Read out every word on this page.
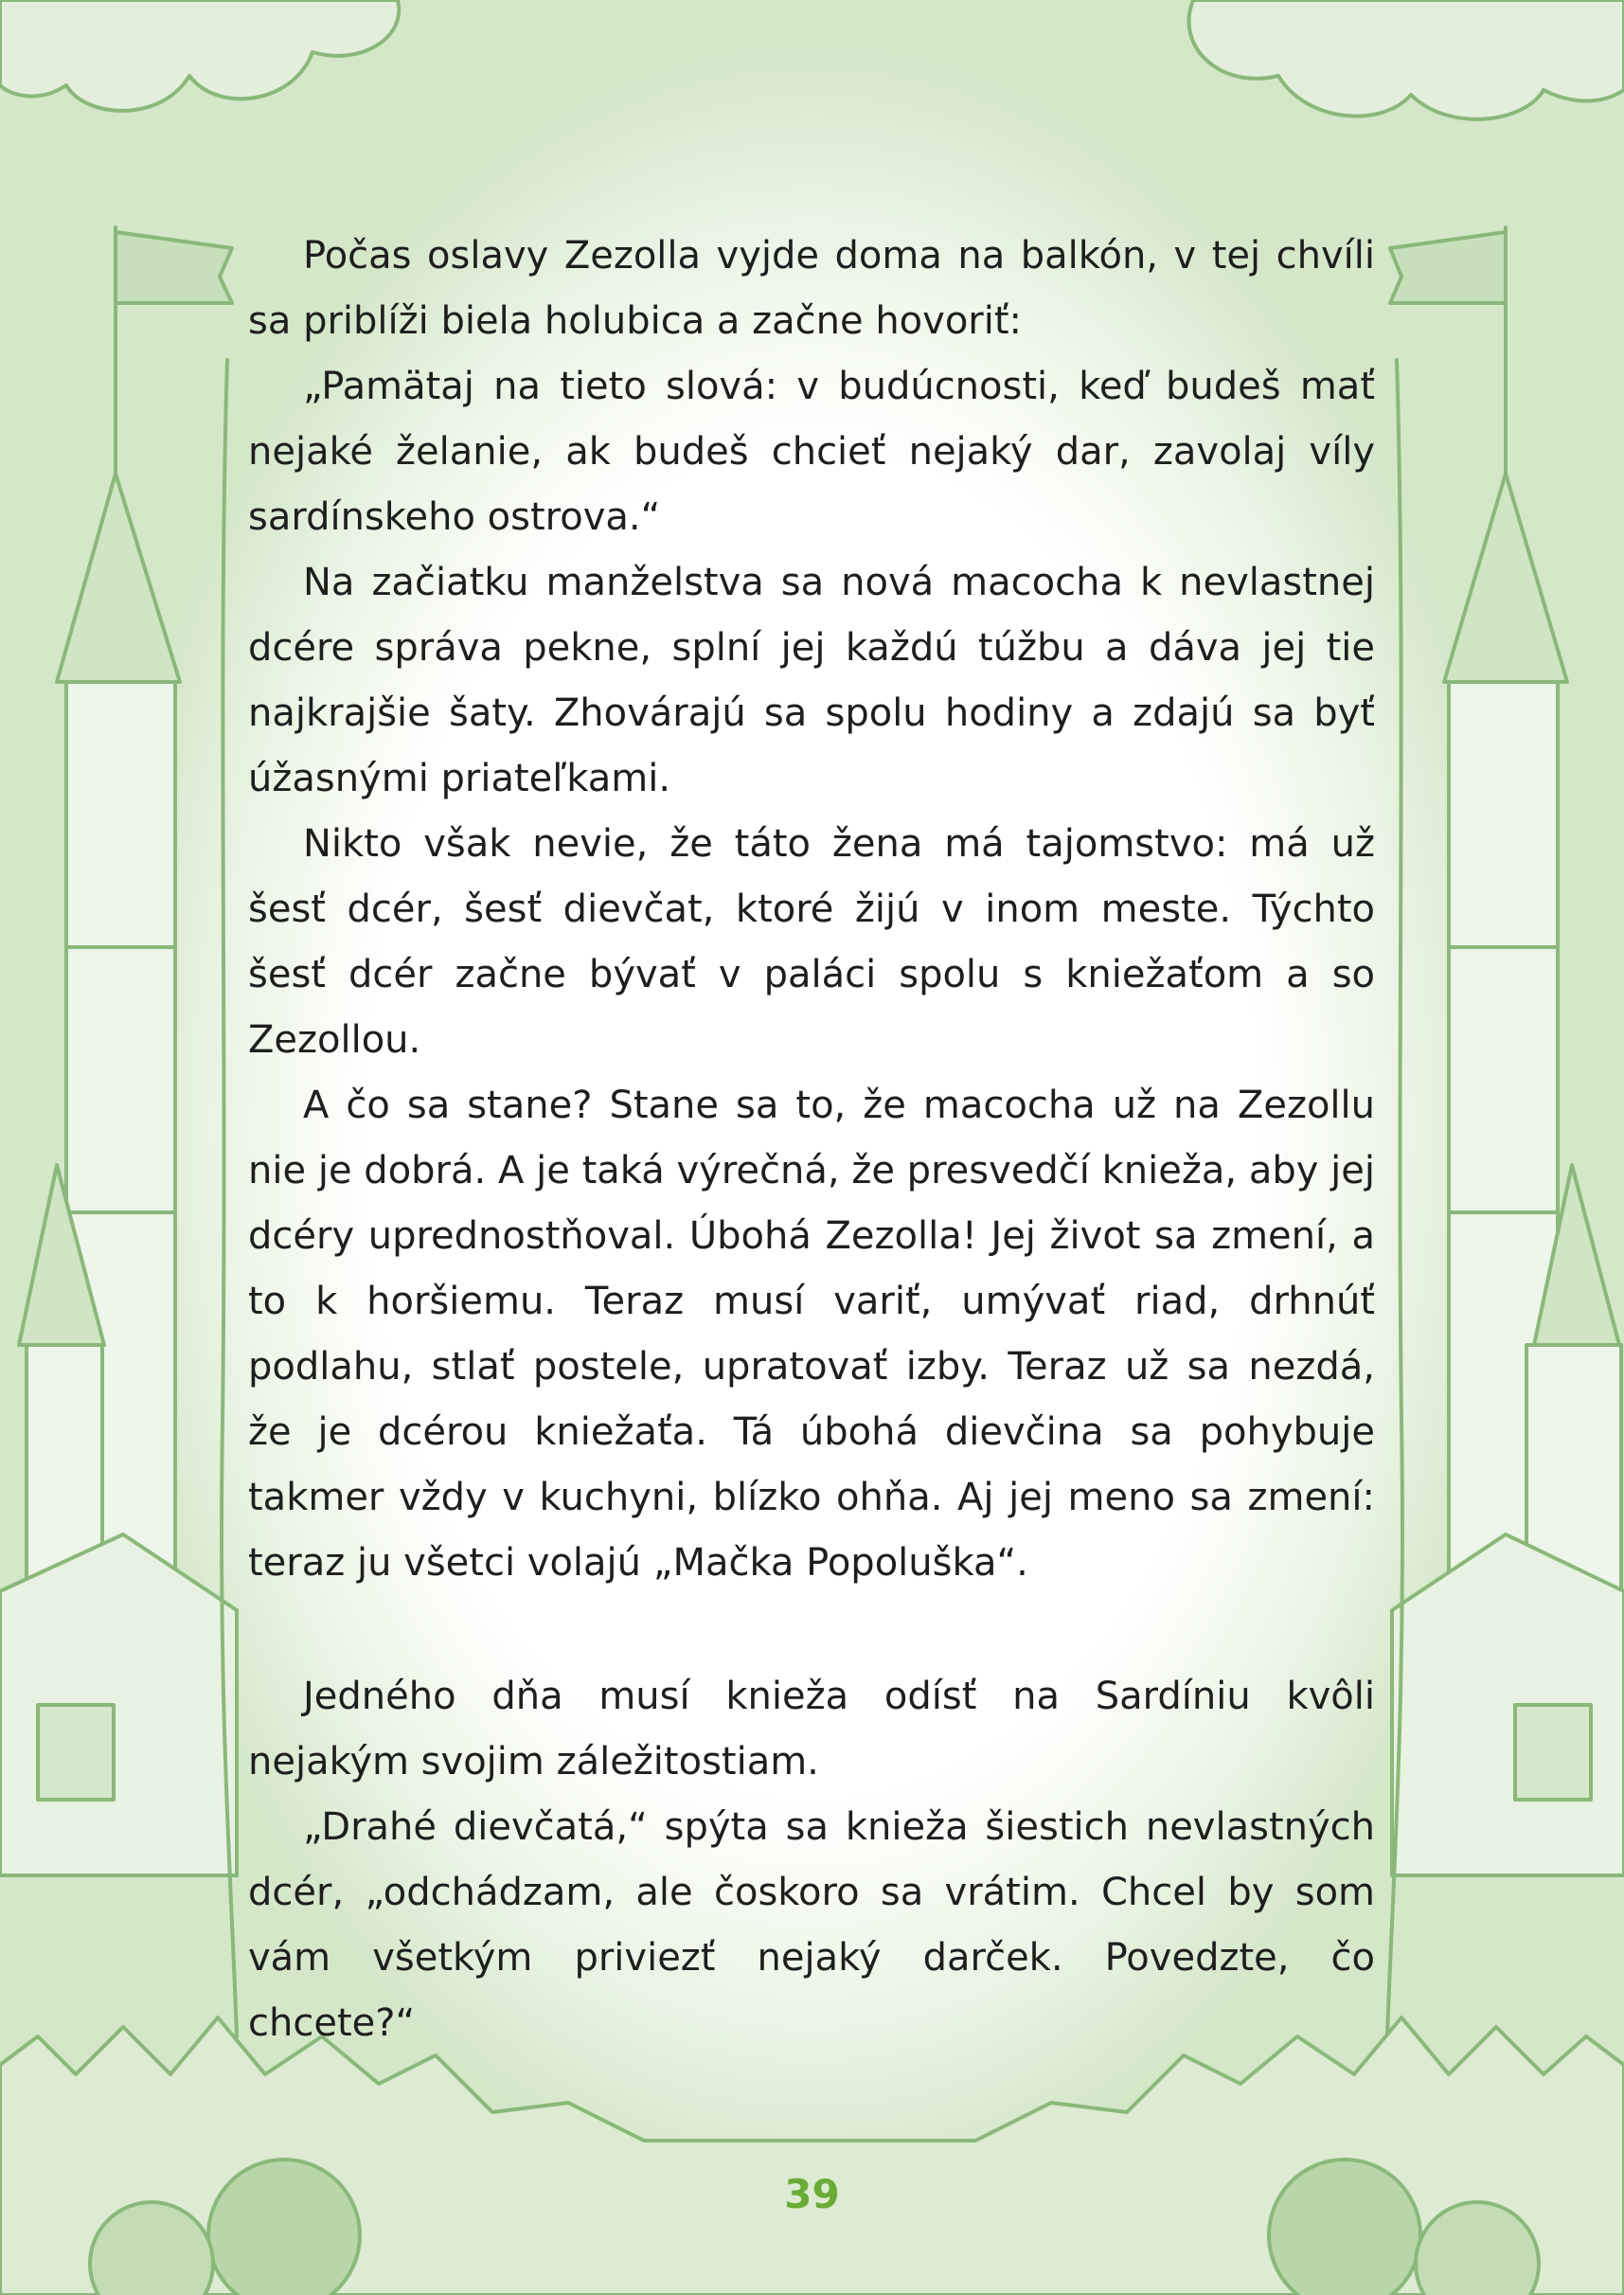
Počas oslavy Zezolla vyjde doma na balkón, v tej chvíli sa priblíži biela holubica a začne hovoriť:

„Pamätaj na tieto slová: v budúcnosti, keď budeš mať nejaké želanie, ak budeš chcieť nejaký dar, zavolaj víly sardínskeho ostrova.“

Na začiatku manželstva sa nová macocha k nevlastnej dcére správa pekne, splní jej každú túžbu a dáva jej tie najkrajšie šaty. Zhovárajú sa spolu hodiny a zdajú sa byť úžasnými priateľkami.

Nikto však nevie, že táto žena má tajomstvo: má už šesť dcér, šesť dievčat, ktoré žijú v inom meste. Týchto šesť dcér začne bývať v paláci spolu s kniežaťom a so Zezollou.

A čo sa stane? Stane sa to, že macocha už na Zezollu nie je dobrá. A je taká výrečná, že presvedčí knieža, aby jej dcéry uprednostňoval. Úbohá Zezolla! Jej život sa zmení, a to k horšiemu. Teraz musí variť, umývať riad, drhnúť podlahu, stlať postele, upratovať izby. Teraz už sa nezdá, že je dcérou kniežaťa. Tá úbohá dievčina sa pohybuje takmer vždy v kuchyni, blízko ohňa. Aj jej meno sa zmení: teraz ju všetci volajú „Mačka Popoluška“.

Jedného dňa musí knieža odísť na Sardíniu kvôli nejakým svojim záležitostiam.

„Drahé dievčatá,“ spýta sa knieža šiestich nevlastných dcér, „odchádzam, ale čoskoro sa vrátim. Chcel by som vám všetkým priviezť nejaký darček. Povedzte, čo chcete?“

39
